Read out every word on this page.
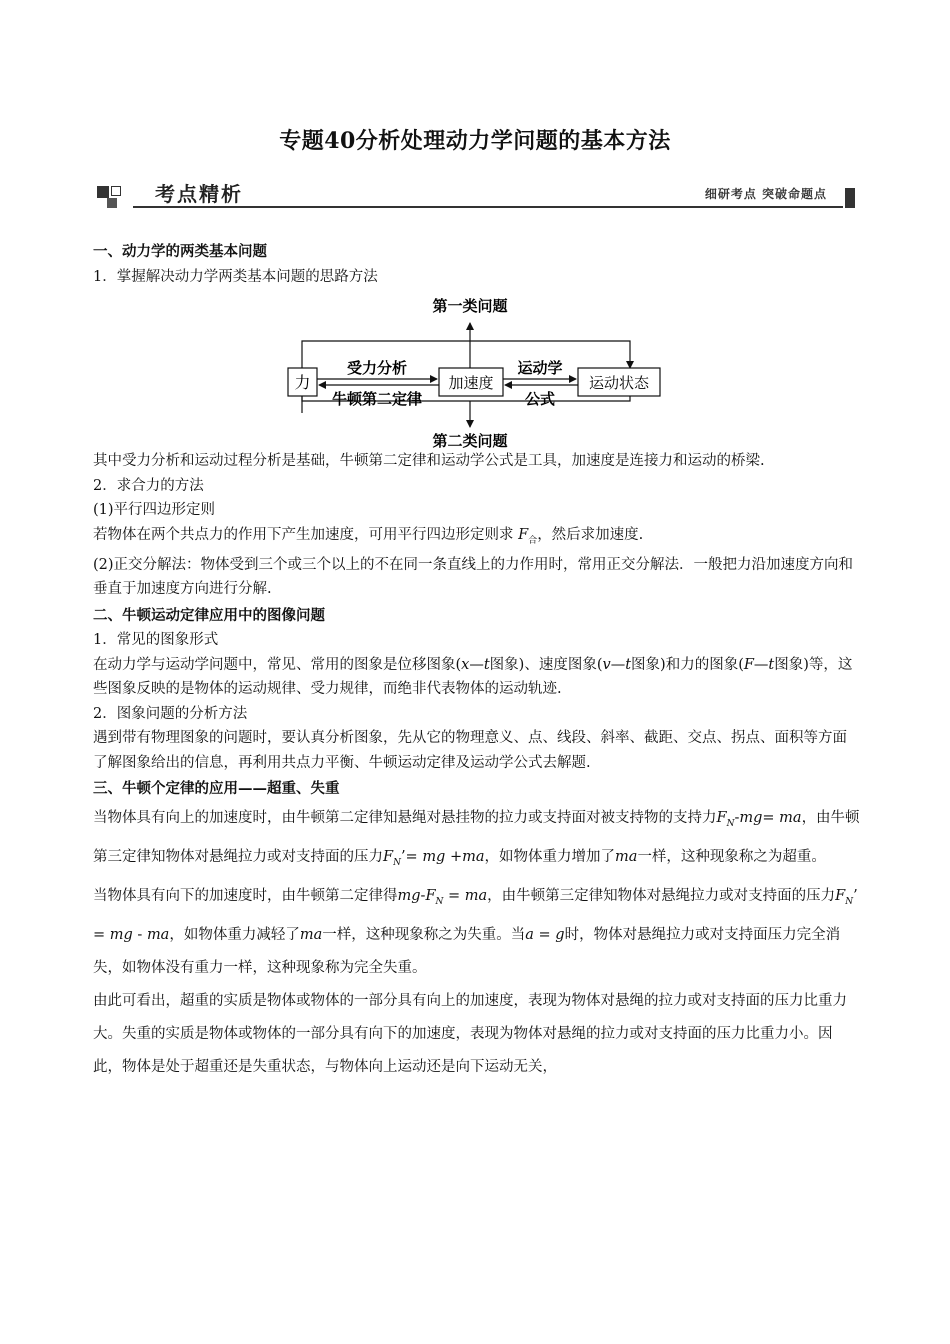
专题40分析处理动力学问题的基本方法
考点精析	细研考点 突破命题点

一、动力学的两类基本问题

1．掌握解决动力学两类基本问题的思路方法

第一类问题
第二类问题
力	加速度	运动状态
受力分析
牛顿第二定律
运动学
公式

其中受力分析和运动过程分析是基础，牛顿第二定律和运动学公式是工具，加速度是连接力和运动的桥梁.

2．求合力的方法

(1)平行四边形定则

若物体在两个共点力的作用下产生加速度，可用平行四边形定则求 $F_合$，然后求加速度.

(2)正交分解法：物体受到三个或三个以上的不在同一条直线上的力作用时，常用正交分解法．一般把力沿加速度方向和垂直于加速度方向进行分解.

二、牛顿运动定律应用中的图像问题

1．常见的图象形式

在动力学与运动学问题中，常见、常用的图象是位移图象(x—t图象)、速度图象(v—t图象)和力的图象(F—t图象)等，这些图象反映的是物体的运动规律、受力规律，而绝非代表物体的运动轨迹.

2．图象问题的分析方法

遇到带有物理图象的问题时，要认真分析图象，先从它的物理意义、点、线段、斜率、截距、交点、拐点、面积等方面了解图象给出的信息，再利用共点力平衡、牛顿运动定律及运动学公式去解题.

三、牛顿个定律的应用——超重、失重

当物体具有向上的加速度时，由牛顿第二定律知悬绳对悬挂物的拉力或支持面对被支持物的支持力$F_N-mg=$ ma，由牛顿第三定律知物体对悬绳拉力或对支持面的压力$F_N’=$ mg +ma，如物体重力增加了ma一样，这种现象称之为超重。

当物体具有向下的加速度时，由牛顿第二定律得$mg-F_N$ = ma，由牛顿第三定律知物体对悬绳拉力或对支持面的压力$F_N$’ = mg - ma，如物体重力减轻了ma一样，这种现象称之为失重。当a = g时，物体对悬绳拉力或对支持面压力完全消失，如物体没有重力一样，这种现象称为完全失重。

由此可看出，超重的实质是物体或物体的一部分具有向上的加速度，表现为物体对悬绳的拉力或对支持面的压力比重力大。失重的实质是物体或物体的一部分具有向下的加速度，表现为物体对悬绳的拉力或对支持面的压力比重力小。因此，物体是处于超重还是失重状态，与物体向上运动还是向下运动无关，
